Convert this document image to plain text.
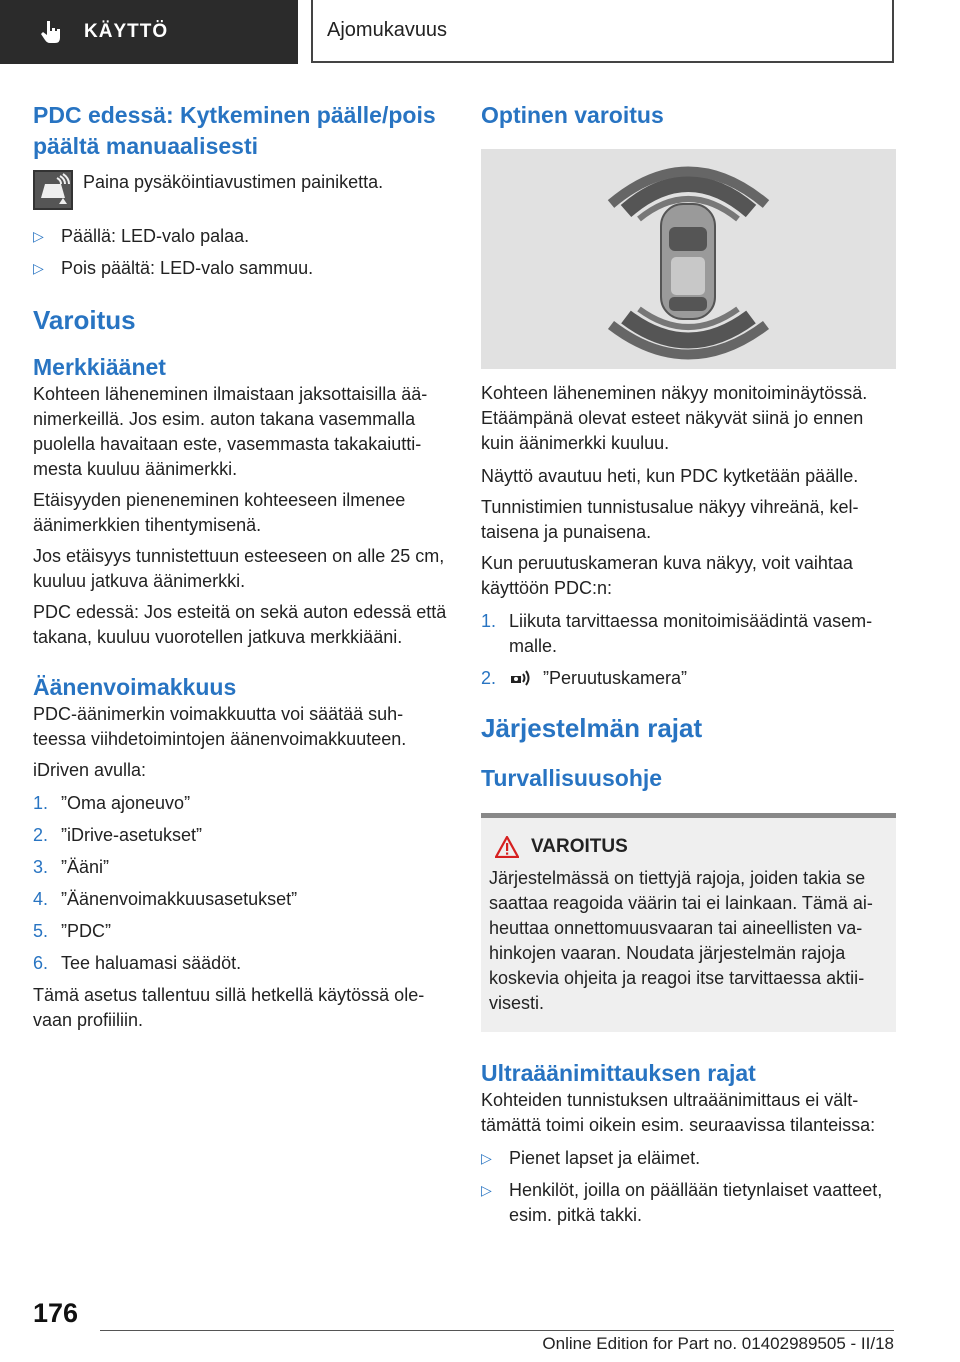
KÄYTTÖ	Ajomukavuus
PDC edessä: Kytkeminen päälle/pois päältä manuaalisesti

Paina pysäköintiavustimen painiketta.

▷ Päällä: LED-valo palaa.
▷ Pois päältä: LED-valo sammuu.
Varoitus
Merkkiäänet

Kohteen läheneminen ilmaistaan jaksottaisilla äänimerkeillä. Jos esim. auton takana vasemmalla puolella havaitaan este, vasemmasta takakaiuttimesta kuuluu äänimerkki.

Etäisyyden pieneneminen kohteeseen ilmenee äänimerkkien tihentymisenä.

Jos etäisyys tunnistettuun esteeseen on alle 25 cm, kuuluu jatkuva äänimerkki.

PDC edessä: Jos esteitä on sekä auton edessä että takana, kuuluu vuorotellen jatkuva merkkiääni.

Äänenvoimakkuus

PDC-äänimerkin voimakkuutta voi säätää suhteessa viihdetoimintojen äänenvoimakkuuteen.

iDriven avulla:

1. ”Oma ajoneuvo”
2. ”iDrive-asetukset”
3. ”Ääni”
4. ”Äänenvoimakkuusasetukset”
5. ”PDC”
6. Tee haluamasi säädöt.

Tämä asetus tallentuu sillä hetkellä käytössä olevaan profiiliin.

Optinen varoitus

Kohteen läheneminen näkyy monitoiminäytössä. Etäämpänä olevat esteet näkyvät siinä jo ennen kuin äänimerkki kuuluu.

Näyttö avautuu heti, kun PDC kytketään päälle.

Tunnistimien tunnistusalue näkyy vihreänä, keltaisena ja punaisena.

Kun peruutuskameran kuva näkyy, voit vaihtaa käyttöön PDC:n:

1. Liikuta tarvittaessa monitoimisäädintä vasemmalle.
2.	”Peruutuskamera”
Järjestelmän rajat
Turvallisuusohje
VAROITUS

Järjestelmässä on tiettyjä rajoja, joiden takia se saattaa reagoida väärin tai ei lainkaan. Tämä aiheuttaa onnettomuusvaaran tai aineellisten vahinkojen vaaran. Noudata järjestelmän rajoja koskevia ohjeita ja reagoi itse tarvittaessa aktiivisesti.

Ultraäänimittauksen rajat

Kohteiden tunnistuksen ultraäänimittaus ei välttämättä toimi oikein esim. seuraavissa tilanteissa:

▷ Pienet lapset ja eläimet.
▷ Henkilöt, joilla on päällään tietynlaiset vaatteet, esim. pitkä takki.
176
Online Edition for Part no. 01402989505 - II/18
